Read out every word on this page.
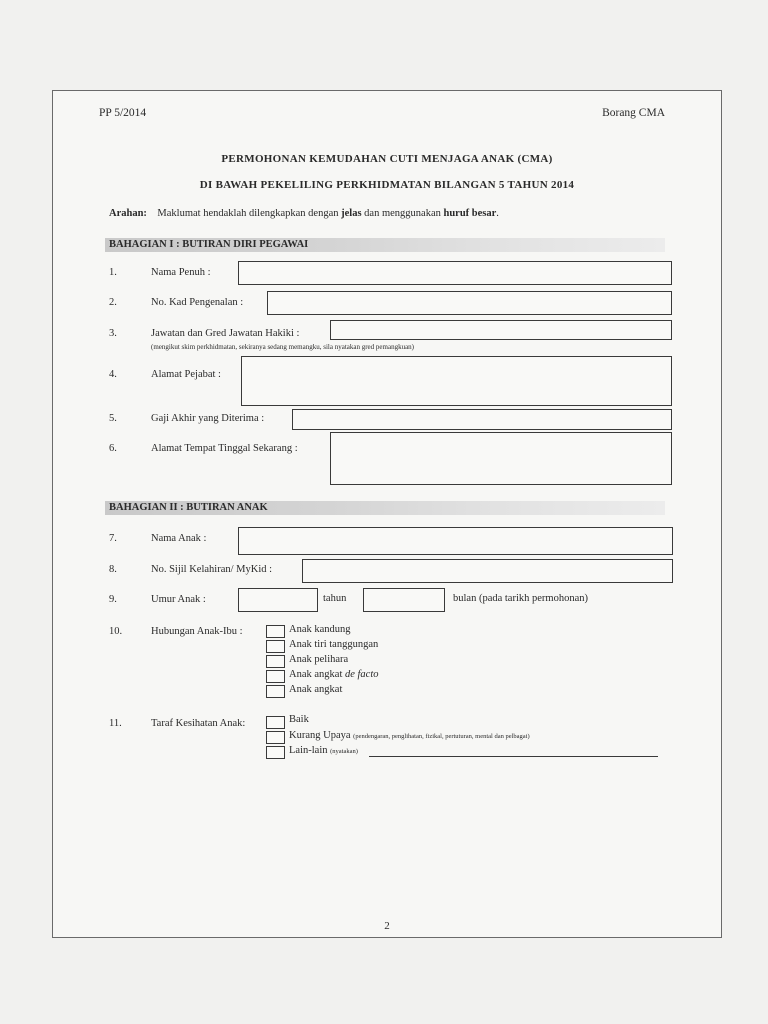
PP 5/2014	Borang CMA
PERMOHONAN KEMUDAHAN CUTI MENJAGA ANAK (CMA)
DI BAWAH PEKELILING PERKHIDMATAN BILANGAN 5 TAHUN 2014
Arahan: Maklumat hendaklah dilengkapkan dengan jelas dan menggunakan huruf besar.
BAHAGIAN I : BUTIRAN DIRI PEGAWAI
1.	Nama Penuh :
2.	No. Kad Pengenalan :
3.	Jawatan dan Gred Jawatan Hakiki :
(mengikut skim perkhidmatan, sekiranya sedang memangku, sila nyatakan gred pemangkuan)
4.	Alamat Pejabat :
5.	Gaji Akhir yang Diterima :
6.	Alamat Tempat Tinggal Sekarang :
BAHAGIAN II : BUTIRAN ANAK
7.	Nama Anak :
8.	No. Sijil Kelahiran/ MyKid :
9.	Umur Anak :	tahun	bulan (pada tarikh permohonan)
10.	Hubungan Anak-Ibu :	Anak kandung
Anak tiri tanggungan
Anak pelihara
Anak angkat de facto
Anak angkat
11.	Taraf Kesihatan Anak:	Baik
Kurang Upaya (pendengaran, penglihatan, fizikal, pertuturan, mental dan pelbagai)
Lain-lain (nyatakan)
2
